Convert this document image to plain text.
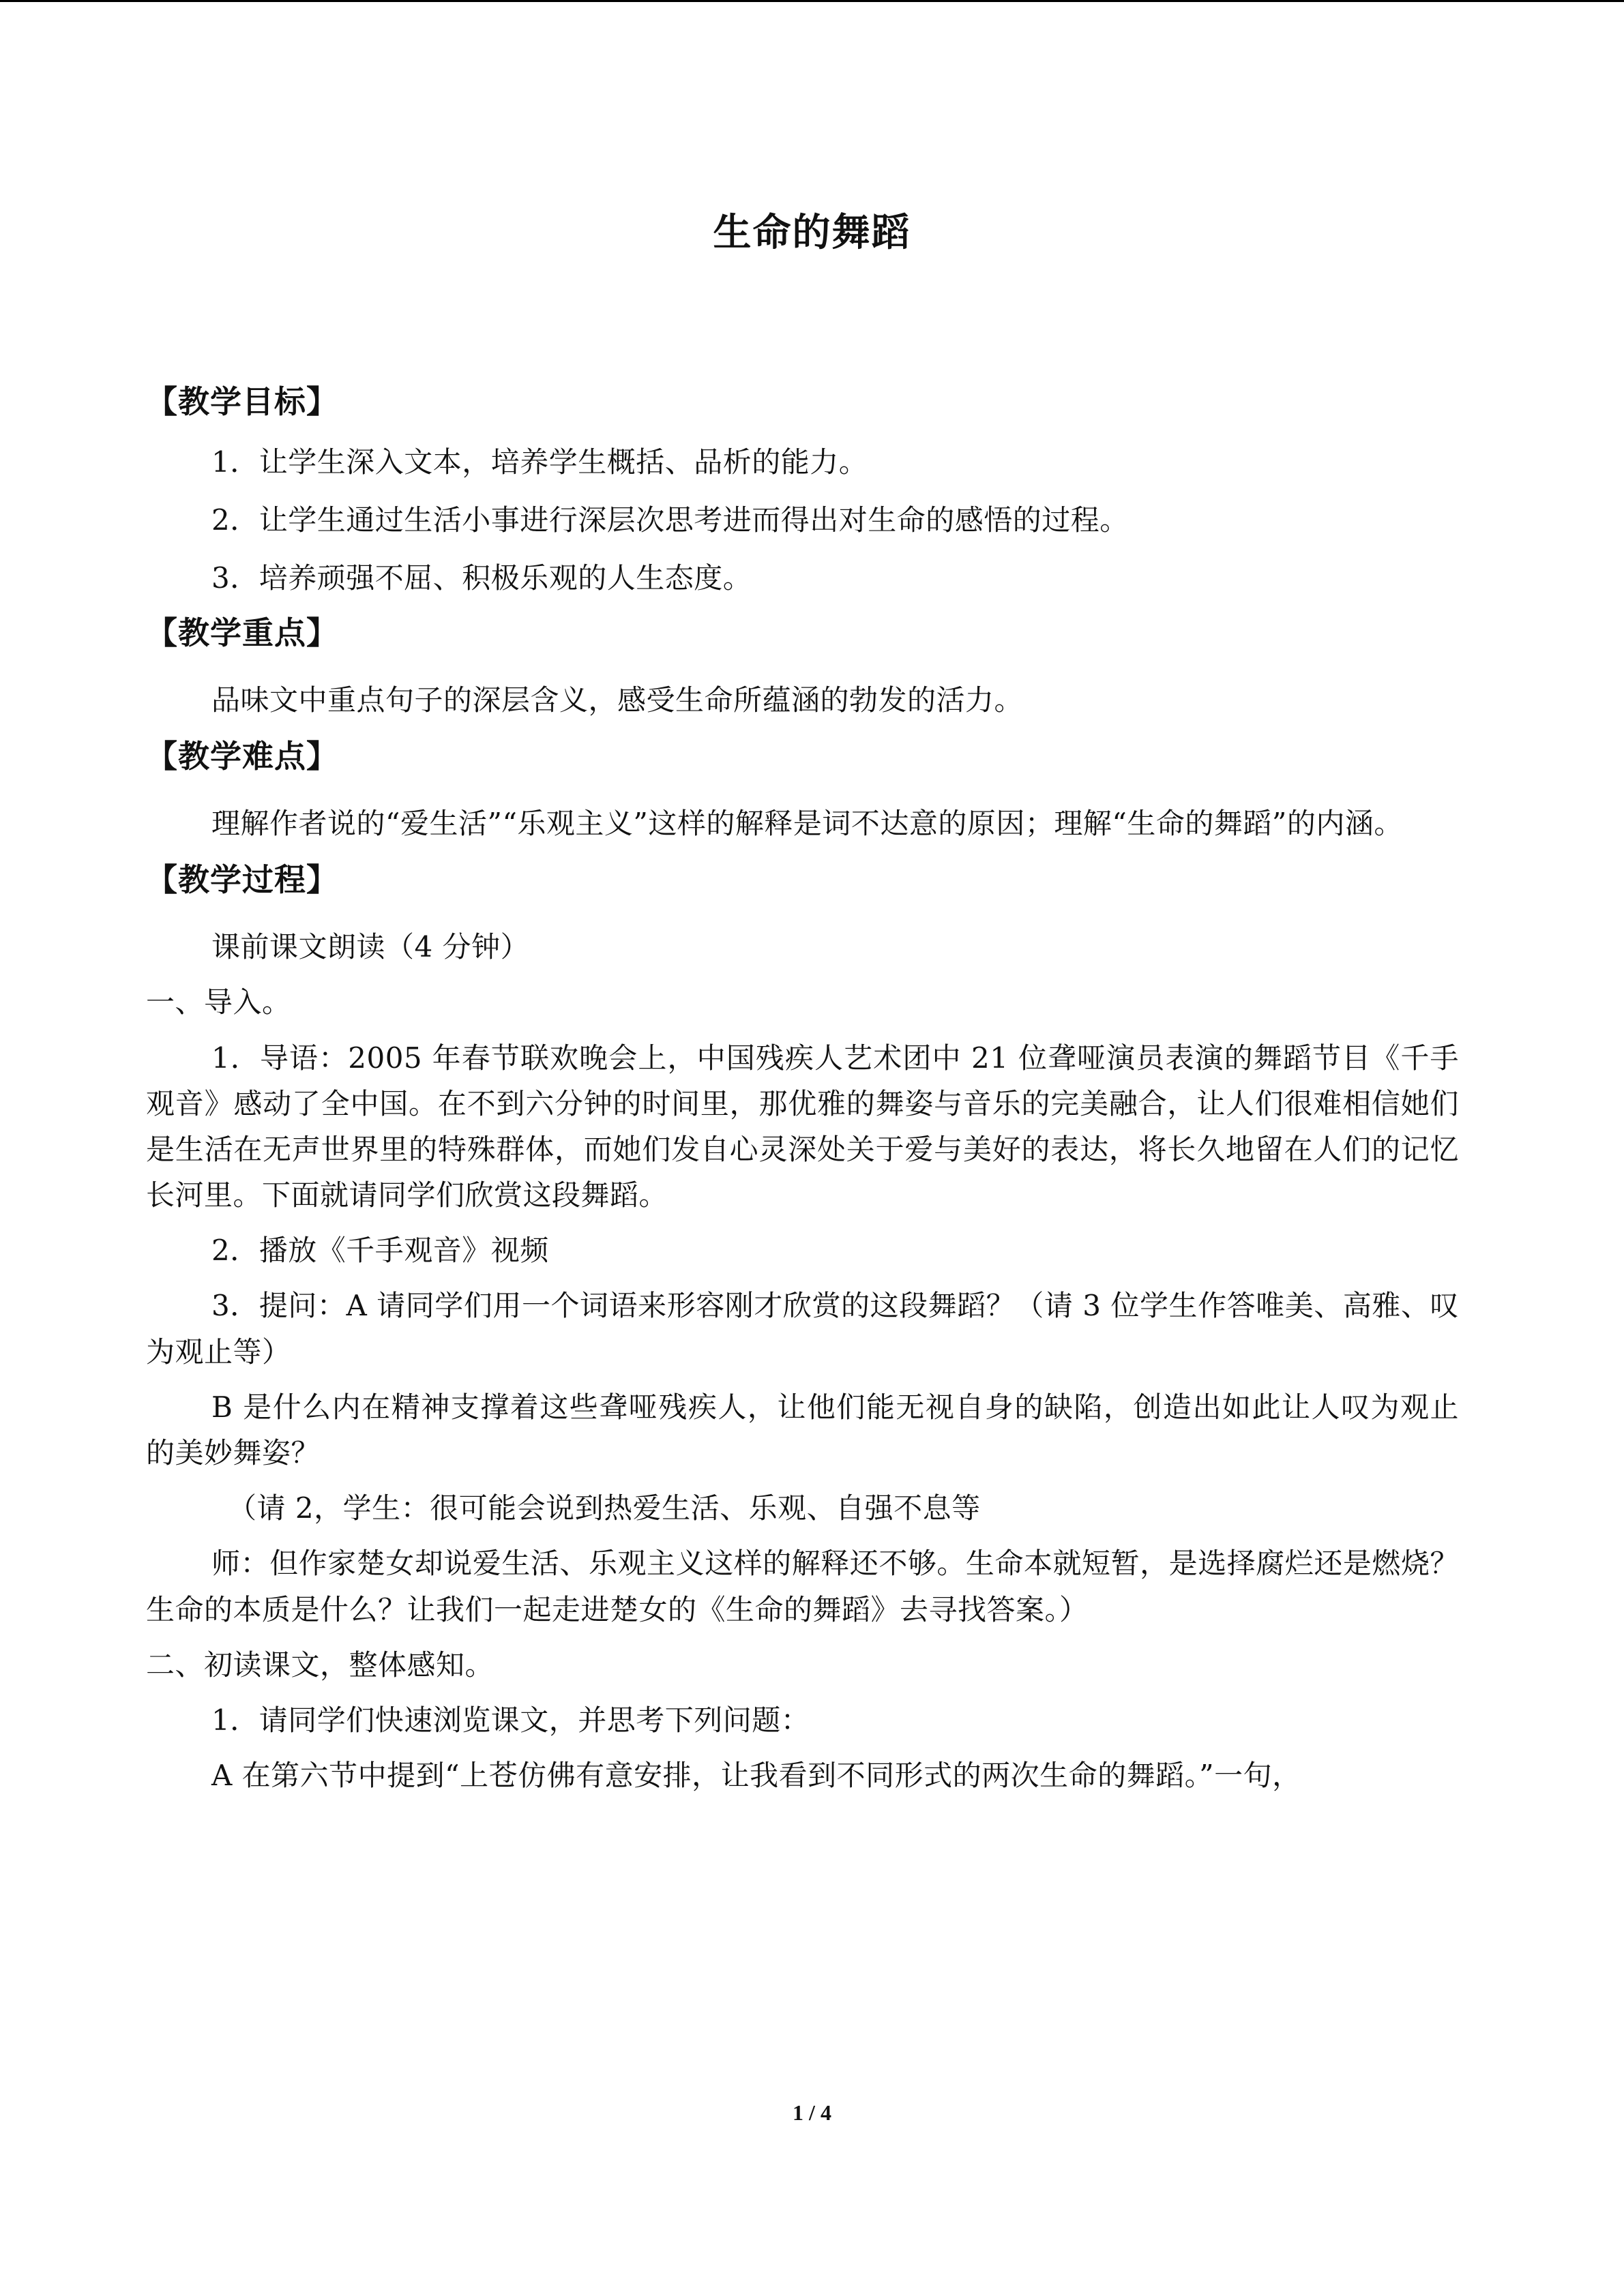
生命的舞蹈
【教学目标】

1．让学生深入文本，培养学生概括、品析的能力。

2．让学生通过生活小事进行深层次思考进而得出对生命的感悟的过程。

3．培养顽强不屈、积极乐观的人生态度。

【教学重点】

品味文中重点句子的深层含义，感受生命所蕴涵的勃发的活力。

【教学难点】

理解作者说的“爱生活”“乐观主义”这样的解释是词不达意的原因；理解“生命的舞蹈”的内涵。

【教学过程】

课前课文朗读（4 分钟）

一、导入。

1．导语：2005 年春节联欢晚会上，中国残疾人艺术团中 21 位聋哑演员表演的舞蹈节目《千手观音》感动了全中国。在不到六分钟的时间里，那优雅的舞姿与音乐的完美融合，让人们很难相信她们是生活在无声世界里的特殊群体，而她们发自心灵深处关于爱与美好的表达，将长久地留在人们的记忆长河里。下面就请同学们欣赏这段舞蹈。

2．播放《千手观音》视频

3．提问：A 请同学们用一个词语来形容刚才欣赏的这段舞蹈？（请 3 位学生作答唯美、高雅、叹为观止等）

B 是什么内在精神支撑着这些聋哑残疾人，让他们能无视自身的缺陷，创造出如此让人叹为观止的美妙舞姿？

（请 2，学生：很可能会说到热爱生活、乐观、自强不息等

师：但作家楚女却说爱生活、乐观主义这样的解释还不够。生命本就短暂，是选择腐烂还是燃烧？生命的本质是什么？让我们一起走进楚女的《生命的舞蹈》去寻找答案。）

二、初读课文，整体感知。

1．请同学们快速浏览课文，并思考下列问题：

A 在第六节中提到“上苍仿佛有意安排，让我看到不同形式的两次生命的舞蹈。”一句，

1 / 4
